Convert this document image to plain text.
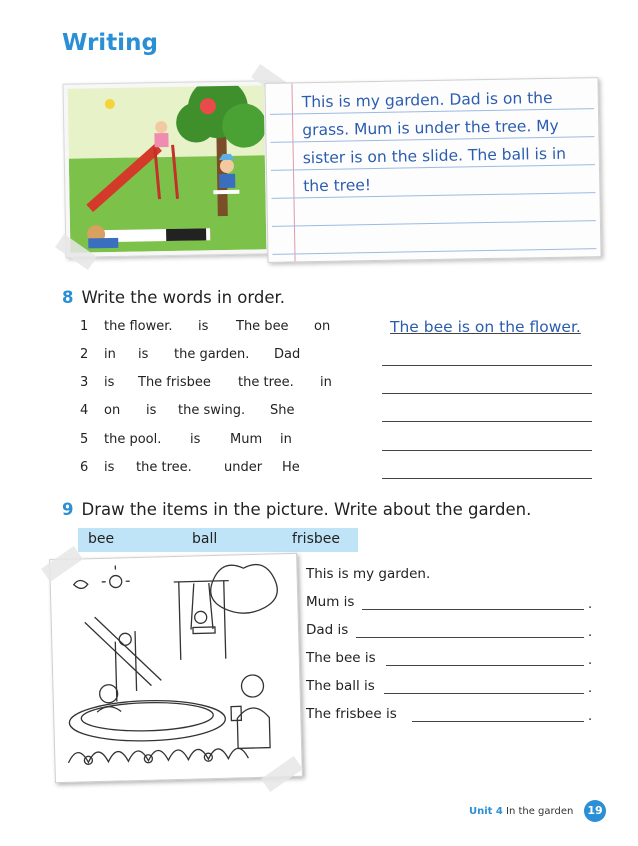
Writing
This is my garden. Dad is on the
grass. Mum is under the tree. My
sister is on the slide. The ball is in
the tree!
8 Write the words in order.
1 the flower. is The bee on
2 in is the garden. Dad
3 is The frisbee the tree. in
4 on is the swing. She
5 the pool. is Mum in
6 is the tree. under He
The bee is on the flower.
9 Draw the items in the picture. Write about the garden.
bee	ball	frisbee
This is my garden.
Mum is	.
Dad is	.
The bee is	.
The ball is	.
The frisbee is	.
Unit 4 In the garden	19
